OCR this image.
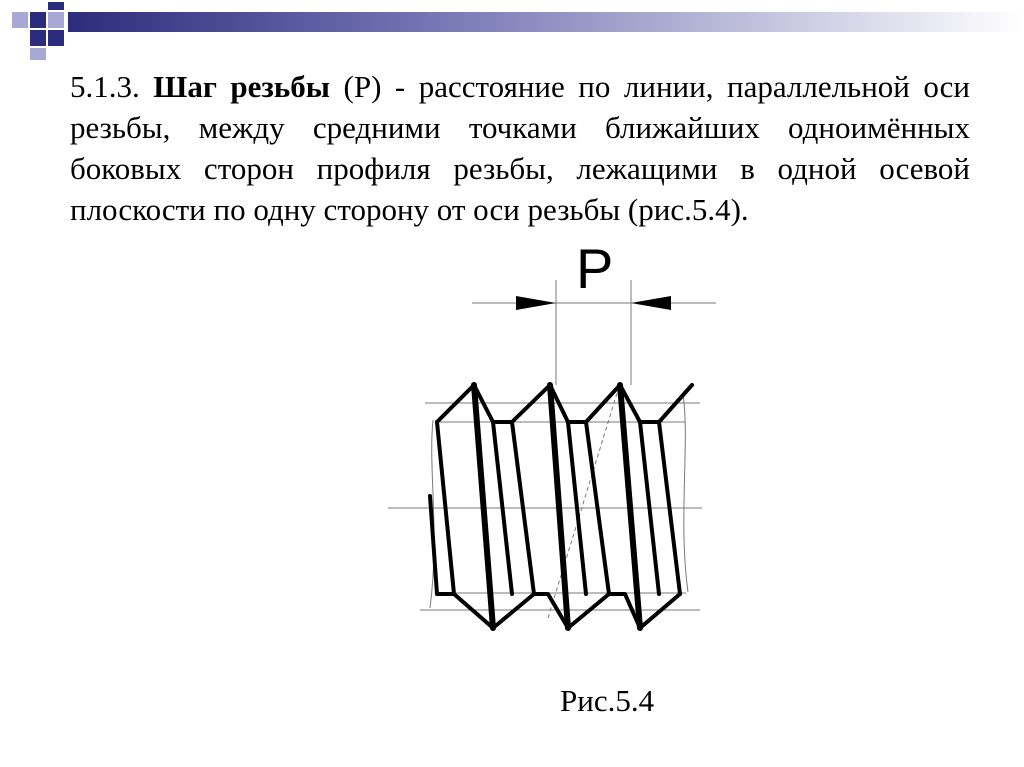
5.1.3. Шаг резьбы (Р) - расстояние по линии, параллельной оси резьбы, между средними точками ближайших одноимённых боковых сторон профиля резьбы, лежащими в одной осевой плоскости по одну сторону от оси резьбы (рис.5.4).

P
Рис.5.4
